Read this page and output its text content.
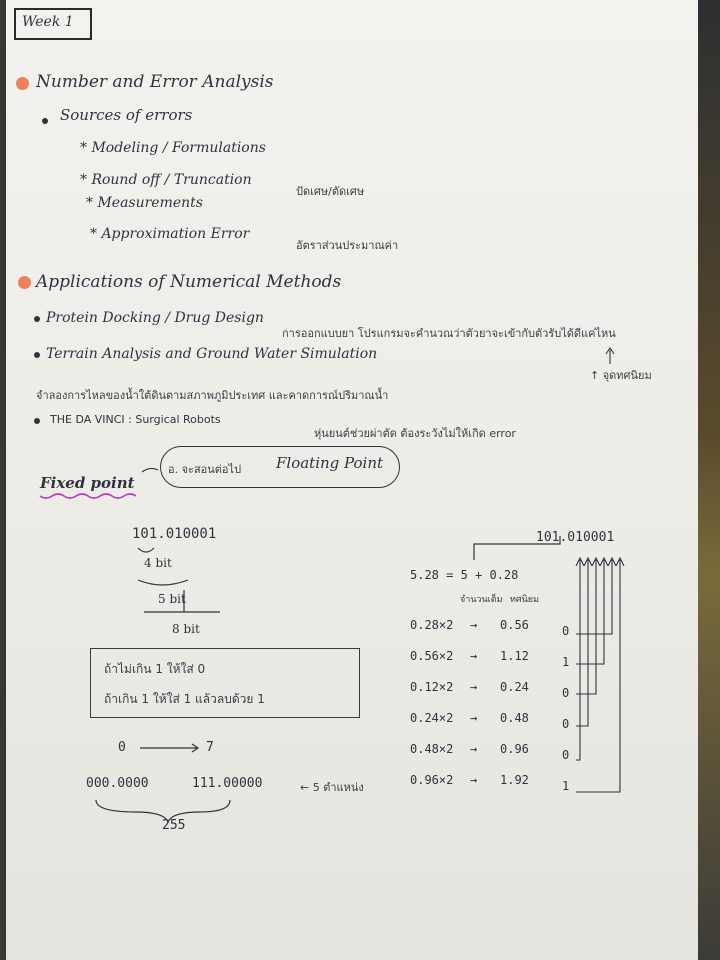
Week 1
Number and Error Analysis
Sources of errors
* Modeling / Formulations
* Round off / Truncation
ปัดเศษ/ตัดเศษ
* Measurements
* Approximation Error
อัตราส่วนประมาณค่า
Applications of Numerical Methods
Protein Docking / Drug Design
การออกแบบยา โปรแกรมจะคำนวณว่าตัวยาจะเข้ากับตัวรับได้ดีแค่ไหน
Terrain Analysis and Ground Water Simulation
↑ จุดทศนิยม
จำลองการไหลของน้ำใต้ดินตามสภาพภูมิประเทศ และคาดการณ์ปริมาณน้ำ
THE DA VINCI : Surgical Robots
หุ่นยนต์ช่วยผ่าตัด ต้องระวังไม่ให้เกิด error
Fixed point
อ. จะสอนต่อไป Floating Point
101.010001
4 bit
5 bit
8 bit
ถ้าไม่เกิน 1 ให้ใส่ 0
ถ้าเกิน 1 ให้ใส่ 1 แล้วลบด้วย 1
0	7
000.0000	111.00000	← 5 ตำแหน่ง
255
101.010001
5.28 = 5 + 0.28
จำนวนเต็ม ทศนิยม
0.28×2 → 0.56	0
0.56×2 → 1.12	1
0.12×2 → 0.24	0
0.24×2 → 0.48	0
0.48×2 → 0.96	0
0.96×2 → 1.92	1
